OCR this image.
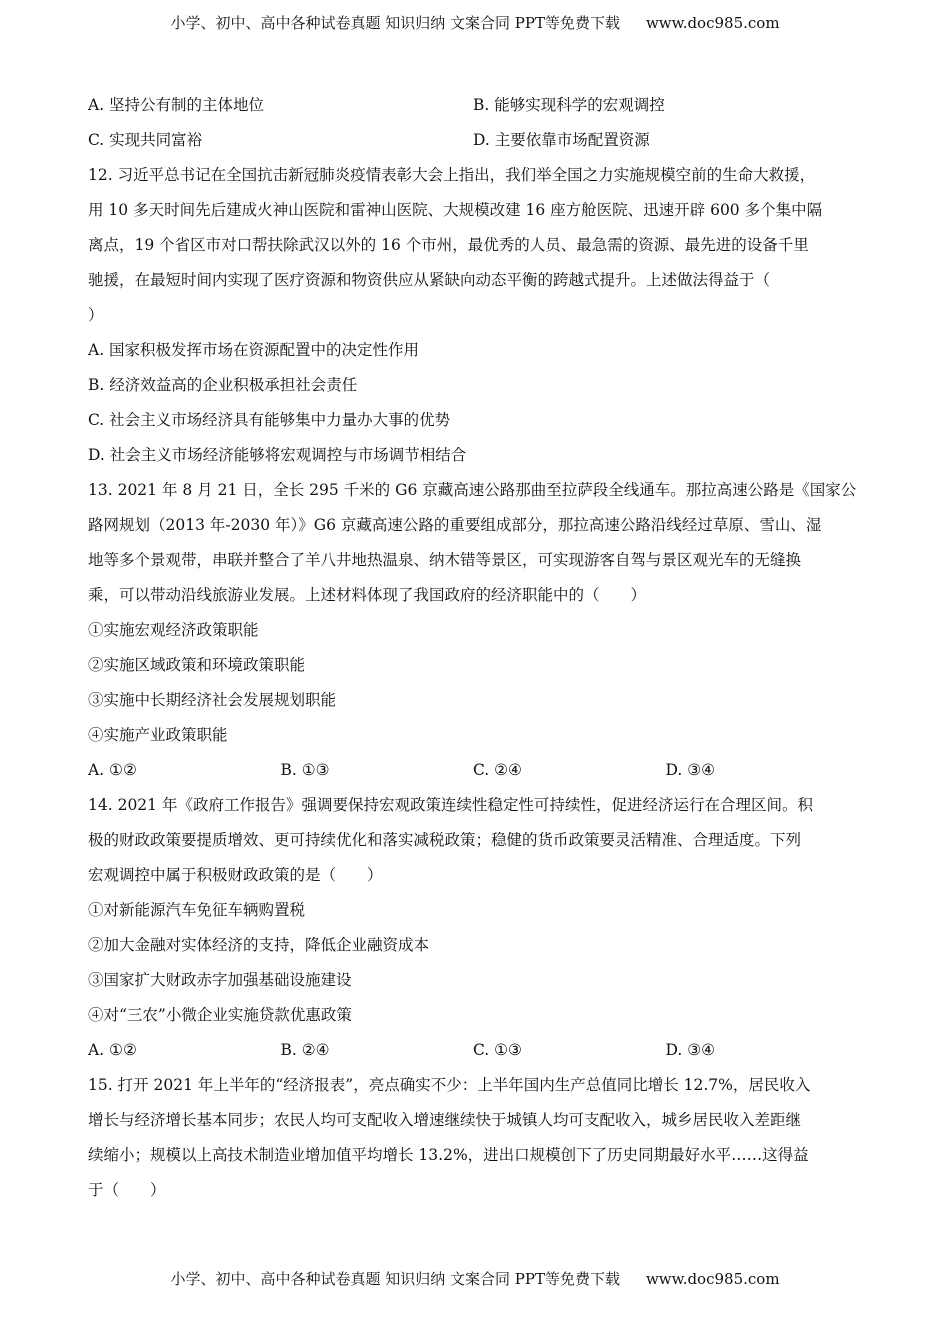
小学、初中、高中各种试卷真题 知识归纳 文案合同 PPT等免费下载 www.doc985.com
A. 坚持公有制的主体地位	B. 能够实现科学的宏观调控
C. 实现共同富裕	D. 主要依靠市场配置资源
12. 习近平总书记在全国抗击新冠肺炎疫情表彰大会上指出，我们举全国之力实施规模空前的生命大救援，
用 10 多天时间先后建成火神山医院和雷神山医院、大规模改建 16 座方舱医院、迅速开辟 600 多个集中隔
离点，19 个省区市对口帮扶除武汉以外的 16 个市州，最优秀的人员、最急需的资源、最先进的设备千里
驰援，在最短时间内实现了医疗资源和物资供应从紧缺向动态平衡的跨越式提升。上述做法得益于（
）
A. 国家积极发挥市场在资源配置中的决定性作用
B. 经济效益高的企业积极承担社会责任
C. 社会主义市场经济具有能够集中力量办大事的优势
D. 社会主义市场经济能够将宏观调控与市场调节相结合
13. 2021 年 8 月 21 日，全长 295 千米的 G6 京藏高速公路那曲至拉萨段全线通车。那拉高速公路是《国家公
路网规划（2013 年-2030 年）》G6 京藏高速公路的重要组成部分，那拉高速公路沿线经过草原、雪山、湿
地等多个景观带，串联并整合了羊八井地热温泉、纳木错等景区，可实现游客自驾与景区观光车的无缝换
乘，可以带动沿线旅游业发展。上述材料体现了我国政府的经济职能中的（　　）
①实施宏观经济政策职能
②实施区域政策和环境政策职能
③实施中长期经济社会发展规划职能
④实施产业政策职能
A. ①②	B. ①③	C. ②④	D. ③④
14. 2021 年《政府工作报告》强调要保持宏观政策连续性稳定性可持续性，促进经济运行在合理区间。积
极的财政政策要提质增效、更可持续优化和落实减税政策；稳健的货币政策要灵活精准、合理适度。下列
宏观调控中属于积极财政政策的是（　　）
①对新能源汽车免征车辆购置税
②加大金融对实体经济的支持，降低企业融资成本
③国家扩大财政赤字加强基础设施建设
④对“三农”小微企业实施贷款优惠政策
A. ①②	B. ②④	C. ①③	D. ③④
15. 打开 2021 年上半年的“经济报表”，亮点确实不少：上半年国内生产总值同比增长 12.7%，居民收入
增长与经济增长基本同步；农民人均可支配收入增速继续快于城镇人均可支配收入，城乡居民收入差距继
续缩小；规模以上高技术制造业增加值平均增长 13.2%，进出口规模创下了历史同期最好水平……这得益
于（　　）
小学、初中、高中各种试卷真题 知识归纳 文案合同 PPT等免费下载 www.doc985.com
